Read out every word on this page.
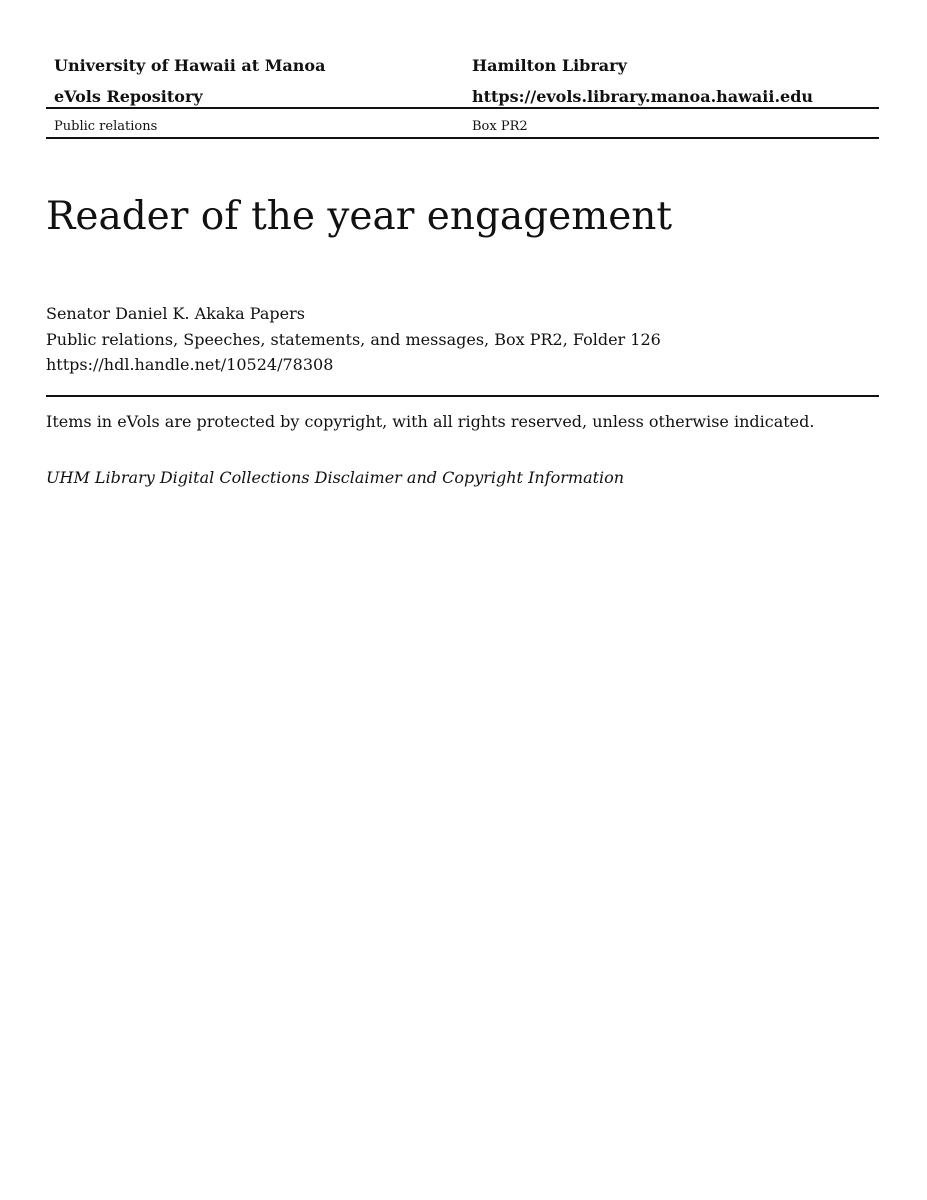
University of Hawaii at Manoa	Hamilton Library
eVols Repository	https://evols.library.manoa.hawaii.edu
Public relations	Box PR2
Reader of the year engagement
Senator Daniel K. Akaka Papers
Public relations, Speeches, statements, and messages, Box PR2, Folder 126
https://hdl.handle.net/10524/78308
Items in eVols are protected by copyright, with all rights reserved, unless otherwise indicated.
UHM Library Digital Collections Disclaimer and Copyright Information
